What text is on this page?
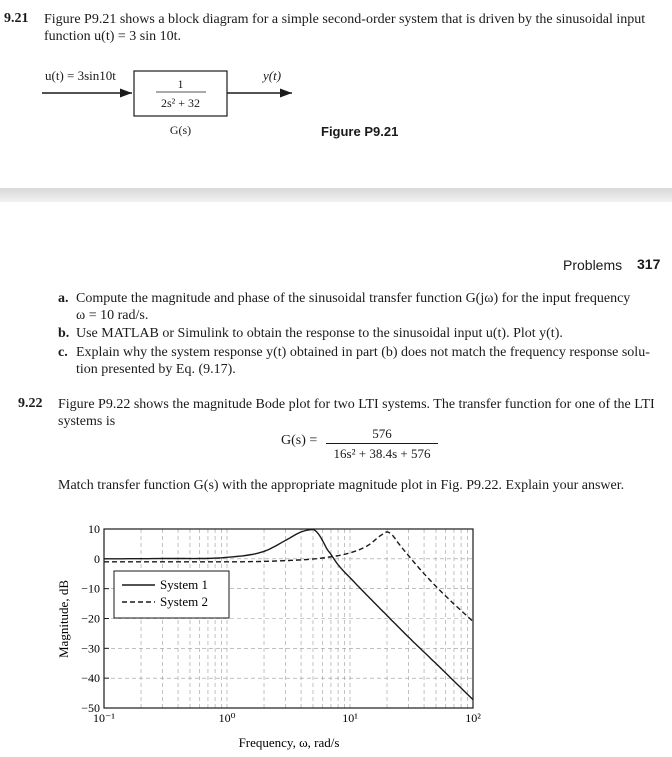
9.21 Figure P9.21 shows a block diagram for a simple second-order system that is driven by the sinusoidal input
function u(t) = 3 sin 10t.
u(t) = 3sin10t
1
2s² + 32
y(t)
G(s)	Figure P9.21
Problems 317
a. Compute the magnitude and phase of the sinusoidal transfer function G(jω) for the input frequency
ω = 10 rad/s.
b. Use MATLAB or Simulink to obtain the response to the sinusoidal input u(t). Plot y(t).
c. Explain why the system response y(t) obtained in part (b) does not match the frequency response solu-
tion presented by Eq. (9.17).
9.22 Figure P9.22 shows the magnitude Bode plot for two LTI systems. The transfer function for one of the LTI
systems is
G(s) =	576
16s² + 38.4s + 576
Match transfer function G(s) with the appropriate magnitude plot in Fig. P9.22. Explain your answer.
10
0
−10
−20
−30
−40
−50
10⁻¹	10⁰	10¹	10²
System 1
System 2
Frequency, ω, rad/s
Magnitude, dB
